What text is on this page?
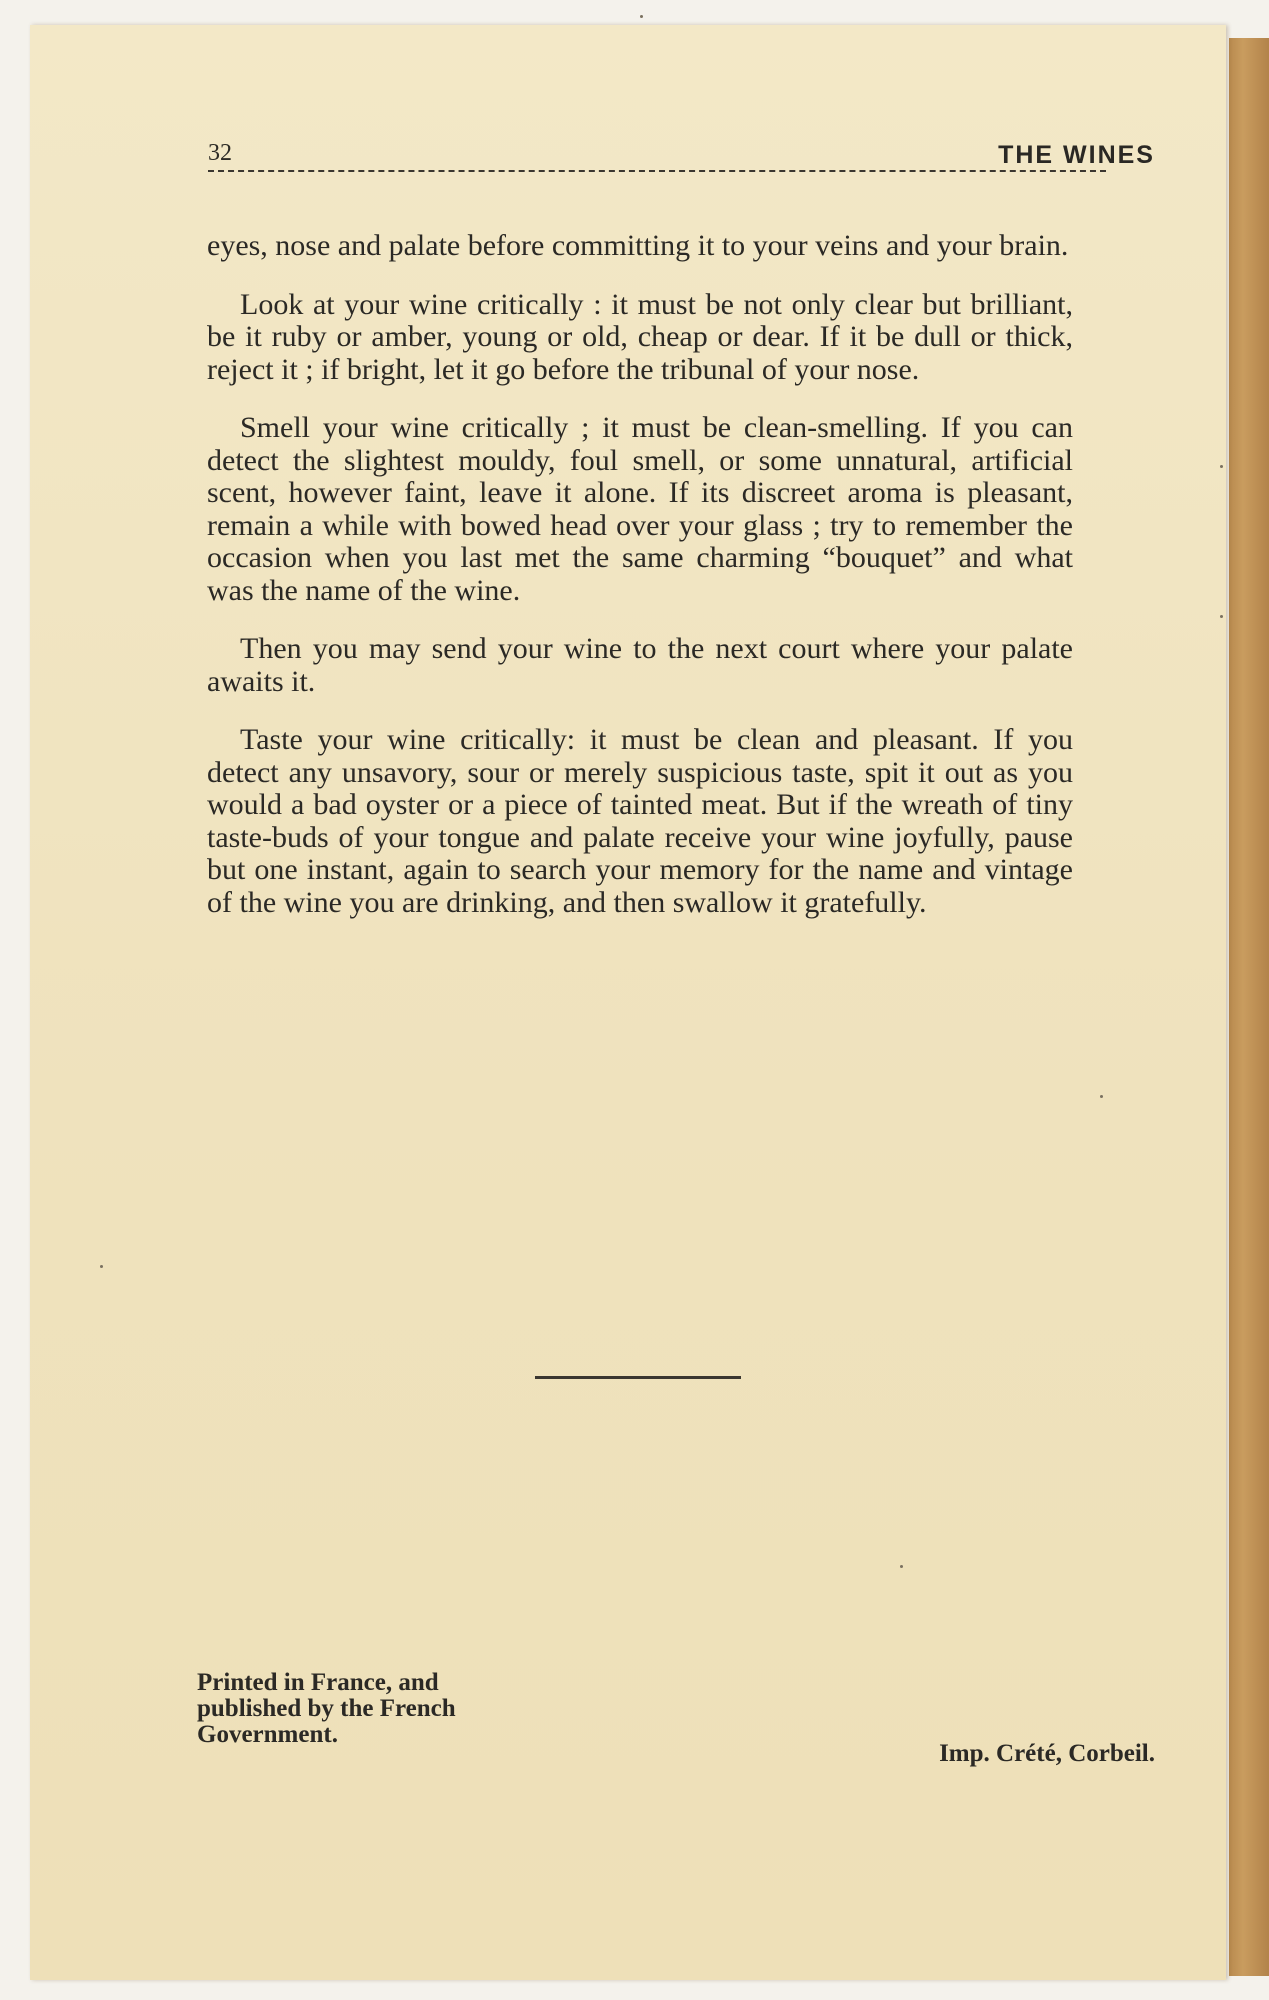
32	THE WINES

eyes, nose and palate before committing it to your veins and your brain.

Look at your wine critically : it must be not only clear but brilliant, be it ruby or amber, young or old, cheap or dear. If it be dull or thick, reject it ; if bright, let it go before the tribunal of your nose.

Smell your wine critically ; it must be clean-smelling. If you can detect the slightest mouldy, foul smell, or some unnatural, artificial scent, however faint, leave it alone. If its discreet aroma is pleasant, remain a while with bowed head over your glass ; try to remember the occasion when you last met the same charming “bouquet” and what was the name of the wine.

Then you may send your wine to the next court where your palate awaits it.

Taste your wine critically: it must be clean and pleasant. If you detect any unsavory, sour or merely suspicious taste, spit it out as you would a bad oyster or a piece of tainted meat. But if the wreath of tiny taste-buds of your tongue and palate receive your wine joyfully, pause but one instant, again to search your memory for the name and vintage of the wine you are drinking, and then swallow it gratefully.

Printed in France, and published by the French Government.
Imp. Crété, Corbeil.
